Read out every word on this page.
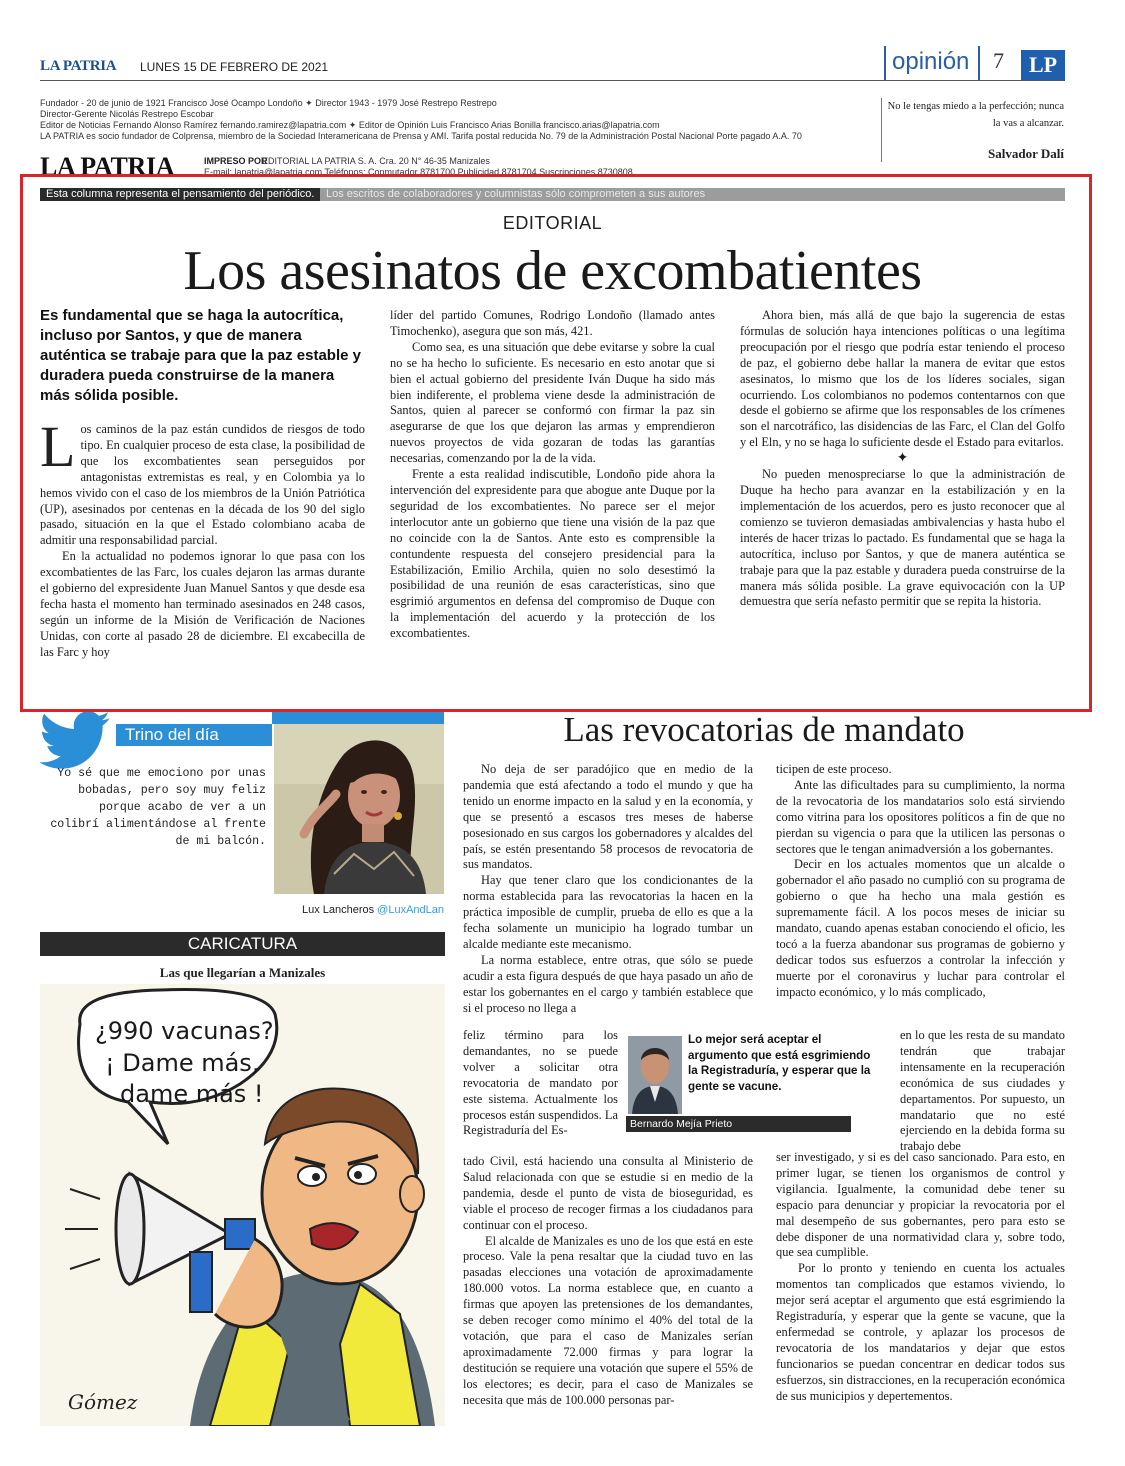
LA PATRIA LUNES 15 DE FEBRERO DE 2021	opinión 7	LP
Fundador - 20 de junio de 1921 Francisco José Ocampo Londoño ✦ Director 1943 - 1979 José Restrepo Restrepo
Director-Gerente Nicolás Restrepo Escobar
Editor de Noticias Fernando Alonso Ramírez fernando.ramirez@lapatria.com ✦ Editor de Opinión Luis Francisco Arias Bonilla francisco.arias@lapatria.com
LA PATRIA es socio fundador de Colprensa, miembro de la Sociedad Interamericana de Prensa y AMI. Tarifa postal reducida No. 79 de la Administración Postal Nacional Porte pagado A.A. 70
LA PATRIA	IMPRESO POR
EDITORIAL LA PATRIA S. A. Cra. 20 N° 46-35 Manizales
E-mail: lapatria@lapatria.com Teléfonos: Conmutador 8781700 Publicidad 8781704 Suscripciones 8730808
No le tengas miedo a la perfección; nunca la vas a alcanzar.
Salvador Dalí
Esta columna representa el pensamiento del periódico.	Los escritos de colaboradores y columnistas sólo comprometen a sus autores
EDITORIAL
Los asesinatos de excombatientes
Es fundamental que se haga la autocrítica, incluso por Santos, y que de manera auténtica se trabaje para que la paz estable y duradera pueda construirse de la manera más sólida posible.

Los caminos de la paz están cundidos de riesgos de todo tipo. En cualquier proceso de esta clase, la posibilidad de que los excombatientes sean perseguidos por antagonistas extremistas es real, y en Colombia ya lo hemos vivido con el caso de los miembros de la Unión Patriótica (UP), asesinados por centenas en la década de los 90 del siglo pasado, situación en la que el Estado colombiano acaba de admitir una responsabilidad parcial.

En la actualidad no podemos ignorar lo que pasa con los excombatientes de las Farc, los cuales dejaron las armas durante el gobierno del expresidente Juan Manuel Santos y que desde esa fecha hasta el momento han terminado asesinados en 248 casos, según un informe de la Misión de Verificación de Naciones Unidas, con corte al pasado 28 de diciembre. El excabecilla de las Farc y hoy

líder del partido Comunes, Rodrigo Londoño (llamado antes Timochenko), asegura que son más, 421.

Como sea, es una situación que debe evitarse y sobre la cual no se ha hecho lo suficiente. Es necesario en esto anotar que si bien el actual gobierno del presidente Iván Duque ha sido más bien indiferente, el problema viene desde la administración de Santos, quien al parecer se conformó con firmar la paz sin asegurarse de que los que dejaron las armas y emprendieron nuevos proyectos de vida gozaran de todas las garantías necesarias, comenzando por la de la vida.

Frente a esta realidad indiscutible, Londoño pide ahora la intervención del expresidente para que abogue ante Duque por la seguridad de los excombatientes. No parece ser el mejor interlocutor ante un gobierno que tiene una visión de la paz que no coincide con la de Santos. Ante esto es comprensible la contundente respuesta del consejero presidencial para la Estabilización, Emilio Archila, quien no solo desestimó la posibilidad de una reunión de esas características, sino que esgrimió argumentos en defensa del compromiso de Duque con la implementación del acuerdo y la protección de los excombatientes.

Ahora bien, más allá de que bajo la sugerencia de estas fórmulas de solución haya intenciones políticas o una legítima preocupación por el riesgo que podría estar teniendo el proceso de paz, el gobierno debe hallar la manera de evitar que estos asesinatos, lo mismo que los de los líderes sociales, sigan ocurriendo. Los colombianos no podemos contentarnos con que desde el gobierno se afirme que los responsables de los crímenes son el narcotráfico, las disidencias de las Farc, el Clan del Golfo y el Eln, y no se haga lo suficiente desde el Estado para evitarlos.

✦

No pueden menospreciarse lo que la administración de Duque ha hecho para avanzar en la estabilización y en la implementación de los acuerdos, pero es justo reconocer que al comienzo se tuvieron demasiadas ambivalencias y hasta hubo el interés de hacer trizas lo pactado. Es fundamental que se haga la autocrítica, incluso por Santos, y que de manera auténtica se trabaje para que la paz estable y duradera pueda construirse de la manera más sólida posible. La grave equivocación con la UP demuestra que sería nefasto permitir que se repita la historia.

Trino del día
Yo sé que me emociono por unas bobadas, pero soy muy feliz porque acabo de ver a un colibrí alimentándose al frente de mi balcón.
Lux Lancheros @LuxAndLan
CARICATURA
Las que llegarían a Manizales
¿990 vacunas?
¡ Dame más,
dame más !
Gómez
Las revocatorias de mandato

No deja de ser paradójico que en medio de la pandemia que está afectando a todo el mundo y que ha tenido un enorme impacto en la salud y en la economía, y que se presentó a escasos tres meses de haberse posesionado en sus cargos los gobernadores y alcaldes del país, se estén presentando 58 procesos de revocatoria de sus mandatos.

Hay que tener claro que los condicionantes de la norma establecida para las revocatorias la hacen en la práctica imposible de cumplir, prueba de ello es que a la fecha solamente un municipio ha logrado tumbar un alcalde mediante este mecanismo.

La norma establece, entre otras, que sólo se puede acudir a esta figura después de que haya pasado un año de estar los gobernantes en el cargo y también establece que si el proceso no llega a

feliz término para los demandantes, no se puede volver a solicitar otra revocatoria de mandato por este sistema. Actualmente los procesos están suspendidos. La Registraduría del Es-

tado Civil, está haciendo una consulta al Ministerio de Salud relacionada con que se estudie si en medio de la pandemia, desde el punto de vista de bioseguridad, es viable el proceso de recoger firmas a los ciudadanos para continuar con el proceso.

El alcalde de Manizales es uno de los que está en este proceso. Vale la pena resaltar que la ciudad tuvo en las pasadas elecciones una votación de aproximadamente 180.000 votos. La norma establece que, en cuanto a firmas que apoyen las pretensiones de los demandantes, se deben recoger como mínimo el 40% del total de la votación, que para el caso de Manizales serían aproximadamente 72.000 firmas y para lograr la destitución se requiere una votación que supere el 55% de los electores; es decir, para el caso de Manizales se necesita que más de 100.000 personas par-

ticipen de este proceso.

Ante las dificultades para su cumplimiento, la norma de la revocatoria de los mandatarios solo está sirviendo como vitrina para los opositores políticos a fin de que no pierdan su vigencia o para que la utilicen las personas o sectores que le tengan animadversión a los gobernantes.

Decir en los actuales momentos que un alcalde o gobernador el año pasado no cumplió con su programa de gobierno o que ha hecho una mala gestión es supremamente fácil. A los pocos meses de iniciar su mandato, cuando apenas estaban conociendo el oficio, les tocó a la fuerza abandonar sus programas de gobierno y dedicar todos sus esfuerzos a controlar la infección y muerte por el coronavirus y luchar para controlar el impacto económico, y lo más complicado,

en lo que les resta de su mandato tendrán que trabajar intensamente en la recuperación económica de sus ciudades y departamentos. Por supuesto, un mandatario que no esté ejerciendo en la debida forma su trabajo debe

ser investigado, y si es del caso sancionado. Para esto, en primer lugar, se tienen los organismos de control y vigilancia. Igualmente, la comunidad debe tener su espacio para denunciar y propiciar la revocatoria por el mal desempeño de sus gobernantes, pero para esto se debe disponer de una normatividad clara y, sobre todo, que sea cumplible.

Por lo pronto y teniendo en cuenta los actuales momentos tan complicados que estamos viviendo, lo mejor será aceptar el argumento que está esgrimiendo la Registraduría, y esperar que la gente se vacune, que la enfermedad se controle, y aplazar los procesos de revocatoria de los mandatarios y dejar que estos funcionarios se puedan concentrar en dedicar todos sus esfuerzos, sin distracciones, en la recuperación económica de sus municipios y depertementos.

Lo mejor será aceptar el argumento que está esgrimiendo la Registraduría, y esperar que la gente se vacune.
Bernardo Mejía Prieto
